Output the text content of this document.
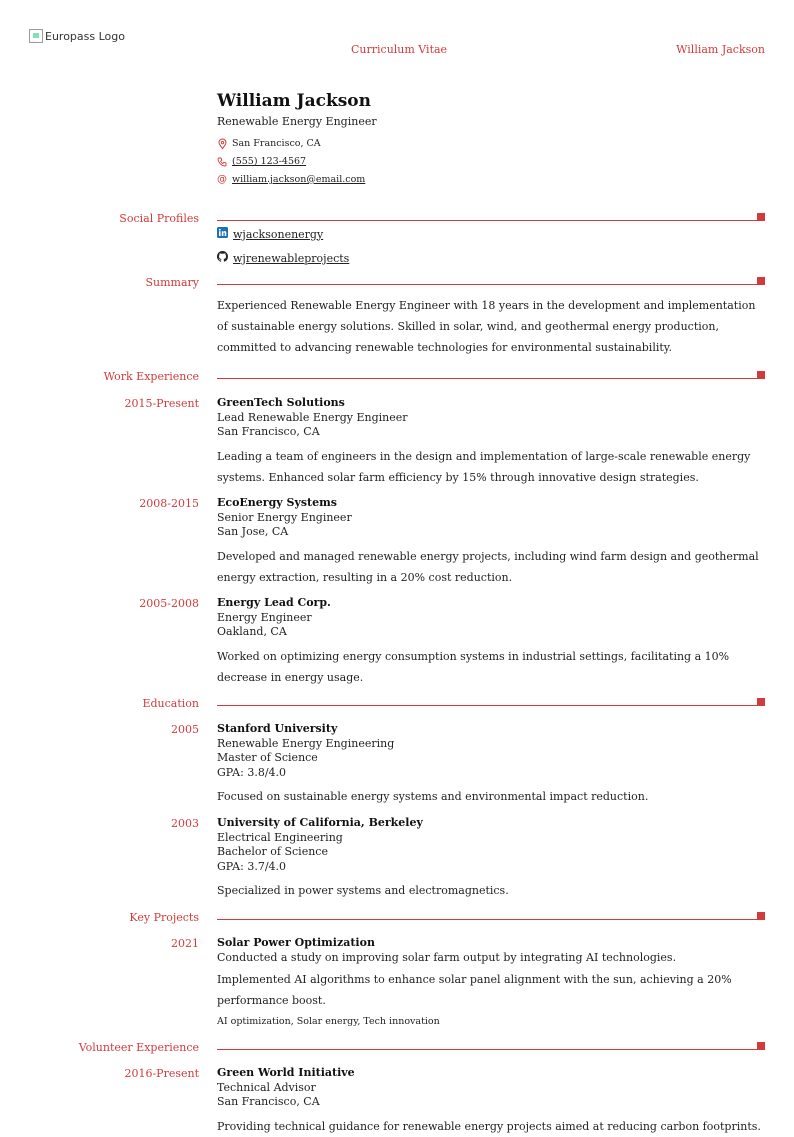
Europass Logo
Curriculum Vitae	William Jackson
William Jackson
Renewable Energy Engineer
San Francisco, CA
(555) 123-4567
@ william.jackson@email.com
Social Profiles
wjacksonenergy
wjrenewableprojects
Summary
Experienced Renewable Energy Engineer with 18 years in the development and implementation of sustainable energy solutions. Skilled in solar, wind, and geothermal energy production, committed to advancing renewable technologies for environmental sustainability.
Work Experience
2015-Present GreenTech Solutions
Lead Renewable Energy Engineer
San Francisco, CA
Leading a team of engineers in the design and implementation of large-scale renewable energy systems. Enhanced solar farm efficiency by 15% through innovative design strategies.
2008-2015 EcoEnergy Systems
Senior Energy Engineer
San Jose, CA
Developed and managed renewable energy projects, including wind farm design and geothermal energy extraction, resulting in a 20% cost reduction.
2005-2008 Energy Lead Corp.
Energy Engineer
Oakland, CA
Worked on optimizing energy consumption systems in industrial settings, facilitating a 10% decrease in energy usage.
Education
2005 Stanford University
Renewable Energy Engineering
Master of Science
GPA: 3.8/4.0
Focused on sustainable energy systems and environmental impact reduction.
2003 University of California, Berkeley
Electrical Engineering
Bachelor of Science
GPA: 3.7/4.0
Specialized in power systems and electromagnetics.
Key Projects
2021 Solar Power Optimization
Conducted a study on improving solar farm output by integrating AI technologies.
Implemented AI algorithms to enhance solar panel alignment with the sun, achieving a 20% performance boost.
AI optimization, Solar energy, Tech innovation
Volunteer Experience
2016-Present Green World Initiative
Technical Advisor
San Francisco, CA
Providing technical guidance for renewable energy projects aimed at reducing carbon footprints.
